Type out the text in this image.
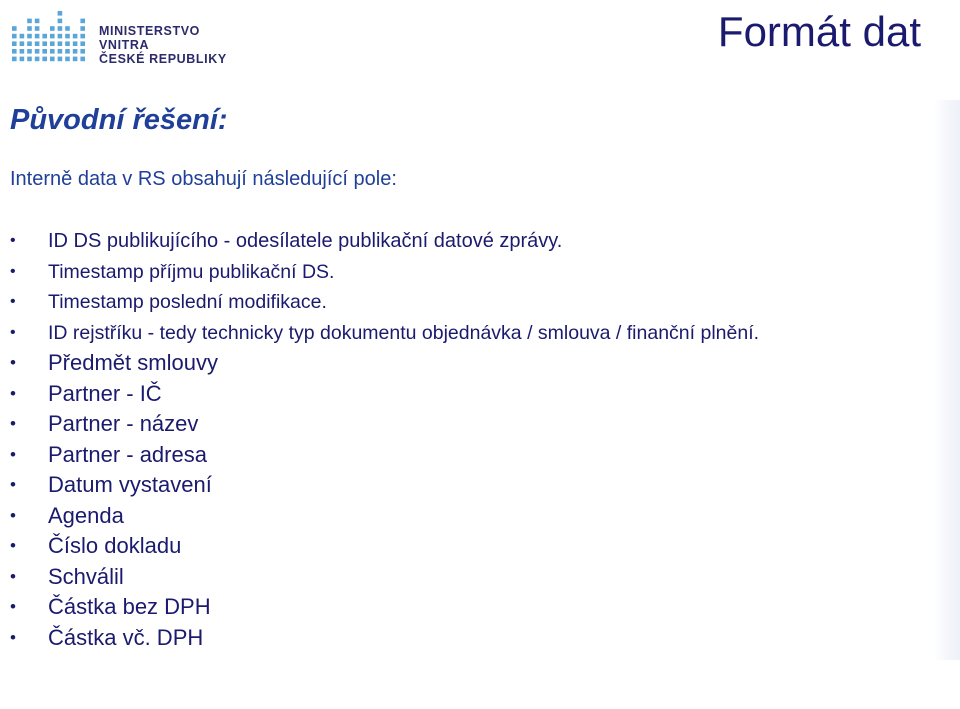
MINISTERSTVO VNITRA
ČESKÉ REPUBLIKY
Formát dat
Původní řešení:
Interně data v RS obsahují následující pole:
• ID DS publikujícího - odesílatele publikační datové zprávy.
• Timestamp příjmu publikační DS.
• Timestamp poslední modifikace.
• ID rejstříku - tedy technicky typ dokumentu objednávka / smlouva / finanční plnění.
• Předmět smlouvy
• Partner - IČ
• Partner - název
• Partner - adresa
• Datum vystavení
• Agenda
• Číslo dokladu
• Schválil
• Částka bez DPH
• Částka vč. DPH
